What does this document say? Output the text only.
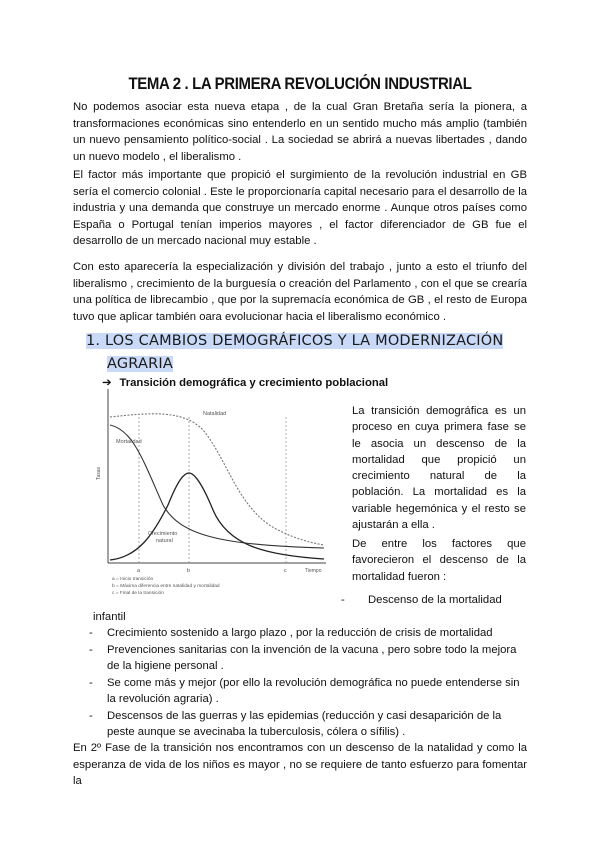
TEMA 2 . LA PRIMERA REVOLUCIÓN INDUSTRIAL

No podemos asociar esta nueva etapa , de la cual Gran Bretaña sería la pionera, a transformaciones económicas sino entenderlo en un sentido mucho más amplio (también un nuevo pensamiento político-social . La sociedad se abrirá a nuevas libertades , dando un nuevo modelo , el liberalismo .

El factor más importante que propició el surgimiento de la revolución industrial en GB sería el comercio colonial . Este le proporcionaría capital necesario para el desarrollo de la industria y una demanda que construye un mercado enorme . Aunque otros países como España o Portugal tenían imperios mayores , el factor diferenciador de GB fue el desarrollo de un mercado nacional muy estable .

Con esto aparecería la especialización y división del trabajo , junto a esto el triunfo del liberalismo , crecimiento de la burguesía o creación del Parlamento , con el que se crearía una política de librecambio , que por la supremacía económica de GB , el resto de Europa tuvo que aplicar también oara evolucionar hacia el liberalismo económico .

1. LOS CAMBIOS DEMOGRÁFICOS Y LA MODERNIZACIÓN
AGRARIA
➔ Transición demográfica y crecimiento poblacional
Natalidad
Mortalidad
Crecimiento
natural
Tasas
Tiempo
a	b	c
a = Inicio transición
b = Máxima diferencia entre natalidad y mortalidad
c = Final de la transición

La transición demográfica es un proceso en cuya primera fase se le asocia un descenso de la mortalidad que propició un crecimiento natural de la población. La mortalidad es la variable hegemónica y el resto se ajustarán a ella .

De entre los factores que favorecieron el descenso de la mortalidad fueron :

-	Descenso de la mortalidad
infantil
-	Crecimiento sostenido a largo plazo , por la reducción de crisis de mortalidad
-	Prevenciones sanitarias con la invención de la vacuna , pero sobre todo la mejora de la higiene personal .
-	Se come más y mejor (por ello la revolución demográfica no puede entenderse sin la revolución agraria) .
-	Descensos de las guerras y las epidemias (reducción y casi desaparición de la peste aunque se avecinaba la tuberculosis, cólera o sífilis) .

En 2º Fase de la transición nos encontramos con un descenso de la natalidad y como la esperanza de vida de los niños es mayor , no se requiere de tanto esfuerzo para fomentar la
